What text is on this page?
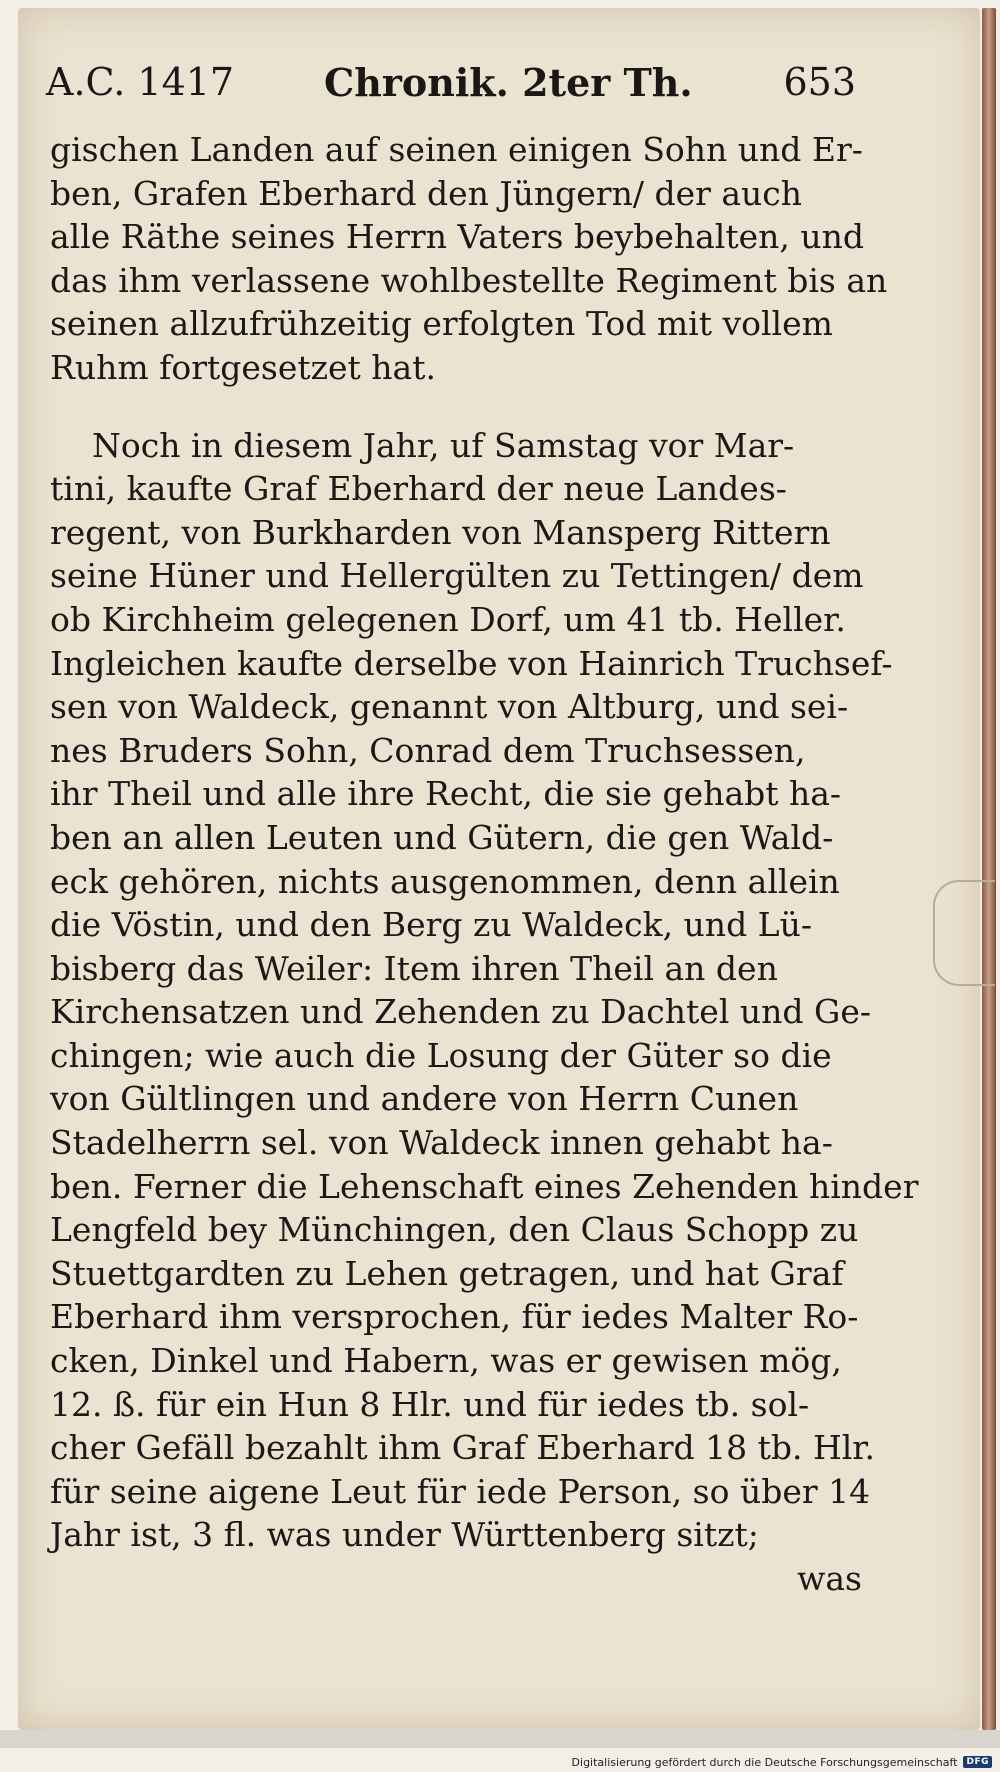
A.C. 1417 Chronik. 2ter Th. 653
gischen Landen auf seinen einigen Sohn und Er-
ben, Grafen Eberhard den Jüngern/ der auch
alle Räthe seines Herrn Vaters beybehalten, und
das ihm verlassene wohlbestellte Regiment bis an
seinen allzufrühzeitig erfolgten Tod mit vollem
Ruhm fortgesetzet hat.
Noch in diesem Jahr, uf Samstag vor Mar-
tini, kaufte Graf Eberhard der neue Landes-
regent, von Burkharden von Mansperg Rittern
seine Hüner und Hellergülten zu Tettingen/ dem
ob Kirchheim gelegenen Dorf, um 41 tb. Heller.
Ingleichen kaufte derselbe von Hainrich Truchsef-
sen von Waldeck, genannt von Altburg, und sei-
nes Bruders Sohn, Conrad dem Truchsessen,
ihr Theil und alle ihre Recht, die sie gehabt ha-
ben an allen Leuten und Gütern, die gen Wald-
eck gehören, nichts ausgenommen, denn allein
die Vöstin, und den Berg zu Waldeck, und Lü-
bisberg das Weiler: Item ihren Theil an den
Kirchensatzen und Zehenden zu Dachtel und Ge-
chingen; wie auch die Losung der Güter so die
von Gültlingen und andere von Herrn Cunen
Stadelherrn sel. von Waldeck innen gehabt ha-
ben. Ferner die Lehenschaft eines Zehenden hinder
Lengfeld bey Münchingen, den Claus Schopp zu
Stuettgardten zu Lehen getragen, und hat Graf
Eberhard ihm versprochen, für iedes Malter Ro-
cken, Dinkel und Habern, was er gewisen mög,
12. ß. für ein Hun 8 Hlr. und für iedes tb. sol-
cher Gefäll bezahlt ihm Graf Eberhard 18 tb. Hlr.
für seine aigene Leut für iede Person, so über 14
Jahr ist, 3 fl. was under Württenberg sitzt;
was
Digitalisierung gefördert durch die Deutsche Forschungsgemeinschaft	DFG
